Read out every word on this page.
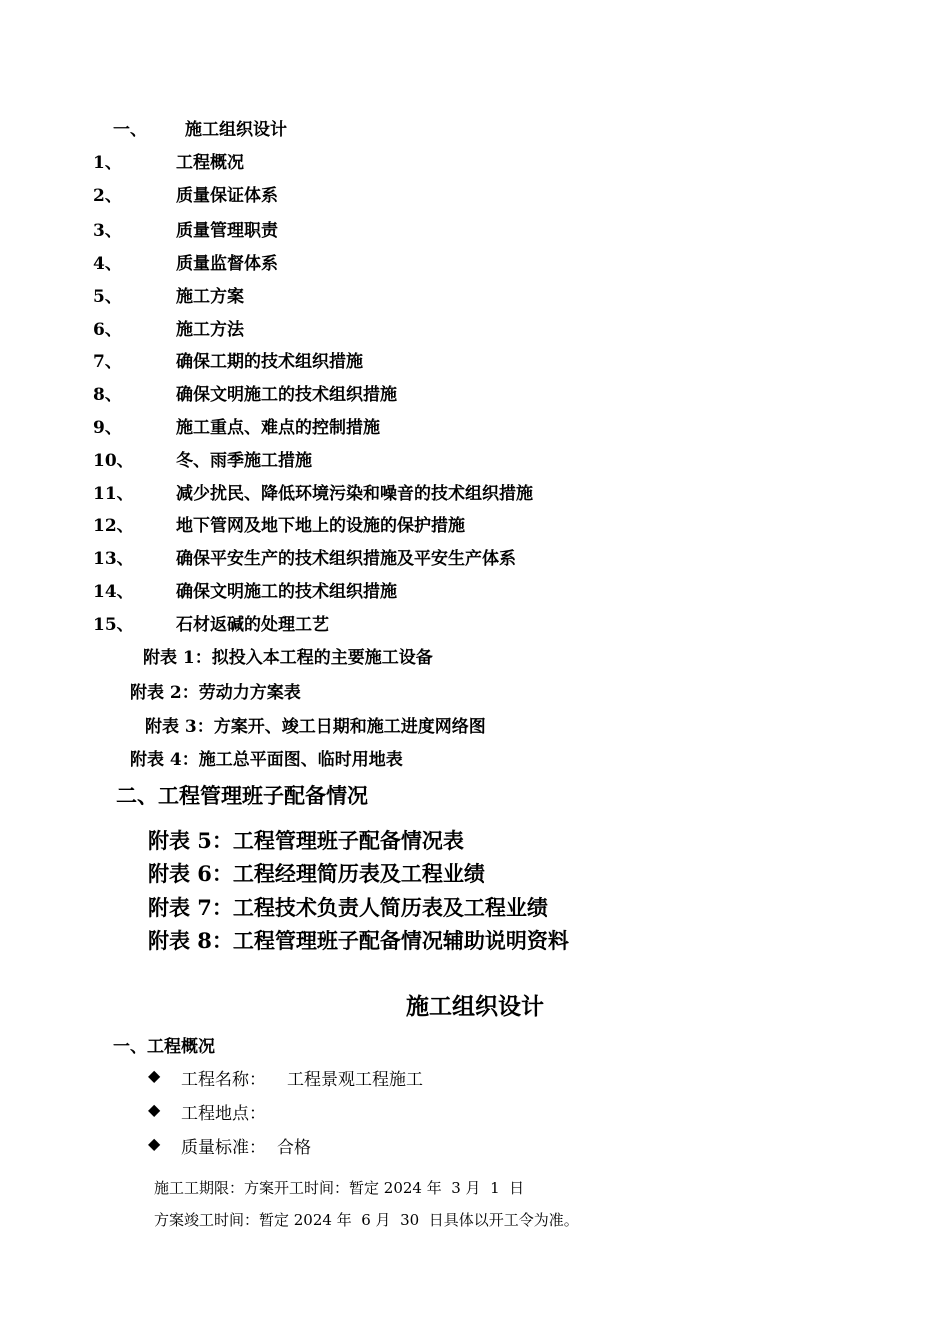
一、 施工组织设计
1、	工程概况
2、	质量保证体系
3、	质量管理职责
4、	质量监督体系
5、	施工方案
6、	施工方法
7、	确保工期的技术组织措施
8、	确保文明施工的技术组织措施
9、	施工重点、难点的控制措施
10、 冬、雨季施工措施
11、 减少扰民、降低环境污染和噪音的技术组织措施
12、 地下管网及地下地上的设施的保护措施
13、 确保平安生产的技术组织措施及平安生产体系
14、 确保文明施工的技术组织措施
15、 石材返碱的处理工艺
附表 1：拟投入本工程的主要施工设备
附表 2：劳动力方案表
附表 3：方案开、竣工日期和施工进度网络图
附表 4：施工总平面图、临时用地表
二、工程管理班子配备情况
附表 5：工程管理班子配备情况表
附表 6：工程经理简历表及工程业绩
附表 7：工程技术负责人简历表及工程业绩
附表 8：工程管理班子配备情况辅助说明资料
施工组织设计
一、工程概况
◆ 工程名称： 工程景观工程施工
◆ 工程地点：
◆ 质量标准： 合格
施工工期限：方案开工时间：暂定 2024 年  3 月  1  日
方案竣工时间：暂定 2024 年  6 月  30  日具体以开工令为准。
